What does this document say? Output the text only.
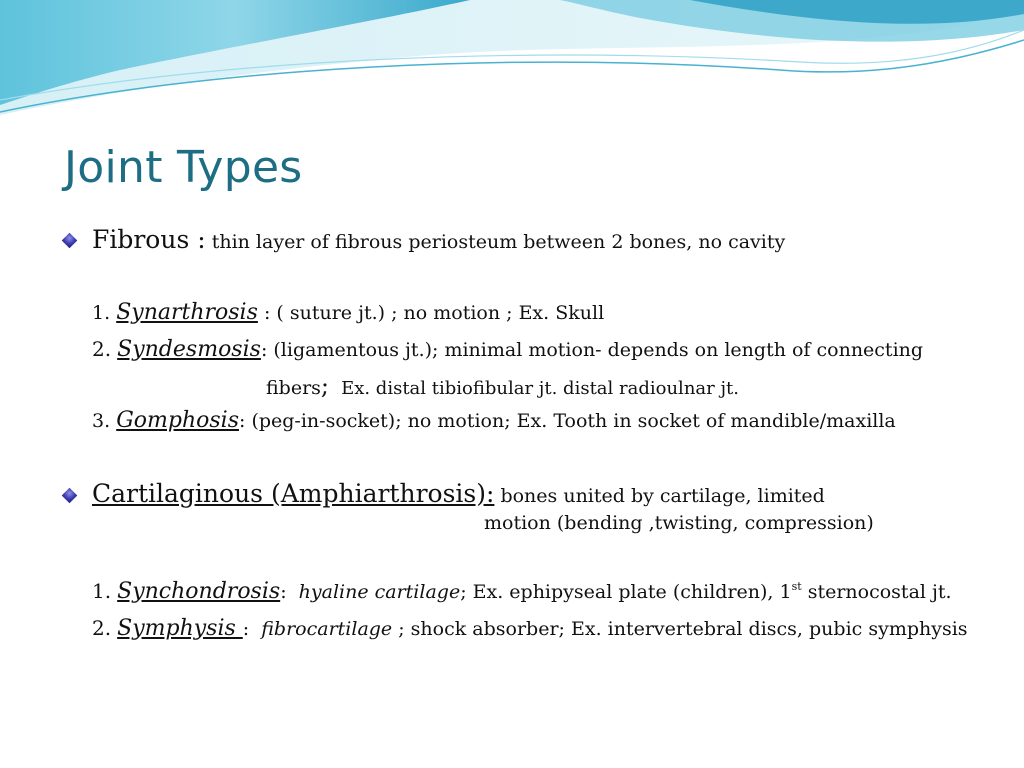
Joint Types
Fibrous : thin layer of fibrous periosteum between 2 bones, no cavity
1. Synarthrosis : ( suture jt.) ; no motion ; Ex. Skull
2. Syndesmosis: (ligamentous jt.); minimal motion- depends on length of connecting
fibers; Ex. distal tibiofibular jt. distal radioulnar jt.
3. Gomphosis: (peg-in-socket); no motion; Ex. Tooth in socket of mandible/maxilla
Cartilaginous (Amphiarthrosis): bones united by cartilage, limited
motion (bending ,twisting, compression)
1. Synchondrosis: hyaline cartilage; Ex. ephipyseal plate (children), 1st sternocostal jt.
2. Symphysis : fibrocartilage ; shock absorber; Ex. intervertebral discs, pubic symphysis
